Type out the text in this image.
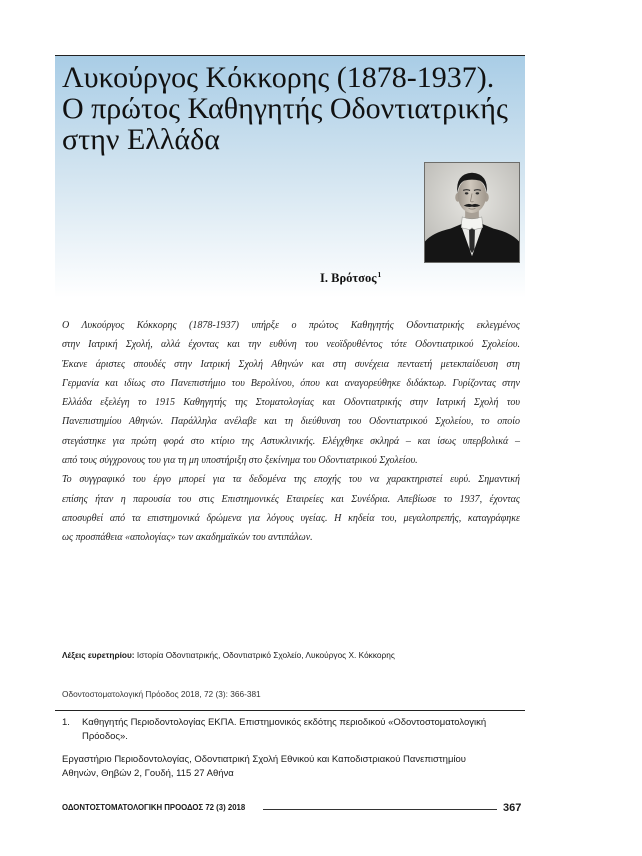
Λυκούργος Κόκκορης (1878-1937).
Ο πρώτος Καθηγητής Οδοντιατρικής
στην Ελλάδα
Ι. Βρότσος$^1$
Ο Λυκούργος Κόκκορης (1878-1937) υπήρξε ο πρώτος Καθηγητής Οδοντιατρικής εκλεγμένος
στην Ιατρική Σχολή, αλλά έχοντας και την ευθύνη του νεοϊδρυθέντος τότε Οδοντιατρικού Σχολείου.
Έκανε άριστες σπουδές στην Ιατρική Σχολή Αθηνών και στη συνέχεια πενταετή μετεκπαίδευση στη
Γερμανία και ιδίως στο Πανεπιστήμιο του Βερολίνου, όπου και αναγορεύθηκε διδάκτωρ. Γυρίζοντας στην
Ελλάδα εξελέγη το 1915 Καθηγητής της Στοματολογίας και Οδοντιατρικής στην Ιατρική Σχολή του
Πανεπιστημίου Αθηνών. Παράλληλα ανέλαβε και τη διεύθυνση του Οδοντιατρικού Σχολείου, το οποίο
στεγάστηκε για πρώτη φορά στο κτίριο της Αστυκλινικής. Ελέγχθηκε σκληρά – και ίσως υπερβολικά –
από τους σύγχρονους του για τη μη υποστήριξη στο ξεκίνημα του Οδοντιατρικού Σχολείου.
Το συγγραφικό του έργο μπορεί για τα δεδομένα της εποχής του να χαρακτηριστεί ευρύ. Σημαντική
επίσης ήταν η παρουσία του στις Επιστημονικές Εταιρείες και Συνέδρια. Απεβίωσε το 1937, έχοντας
αποσυρθεί από τα επιστημονικά δρώμενα για λόγους υγείας. Η κηδεία του, μεγαλοπρεπής, καταγράφηκε
ως προσπάθεια «απολογίας» των ακαδημαϊκών του αντιπάλων.
Λέξεις ευρετηρίου: Ιστορία Οδοντιατρικής, Οδοντιατρικό Σχολείο, Λυκούργος Χ. Κόκκορης
Οδοντοστοματολογική Πρόοδος 2018, 72 (3): 366-381
1. Καθηγητής Περιοδοντολογίας ΕΚΠΑ. Επιστημονικός εκδότης περιοδικού «Οδοντοστοματολογική
Πρόοδος».
Εργαστήριο Περιοδοντολογίας, Οδοντιατρική Σχολή Εθνικού και Καποδιστριακού Πανεπιστημίου
Αθηνών, Θηβών 2, Γουδή, 115 27 Αθήνα
ΟΔΟΝΤΟΣΤΟΜΑΤΟΛΟΓΙΚΗ ΠΡΟΟΔΟΣ 72 (3) 2018	367
